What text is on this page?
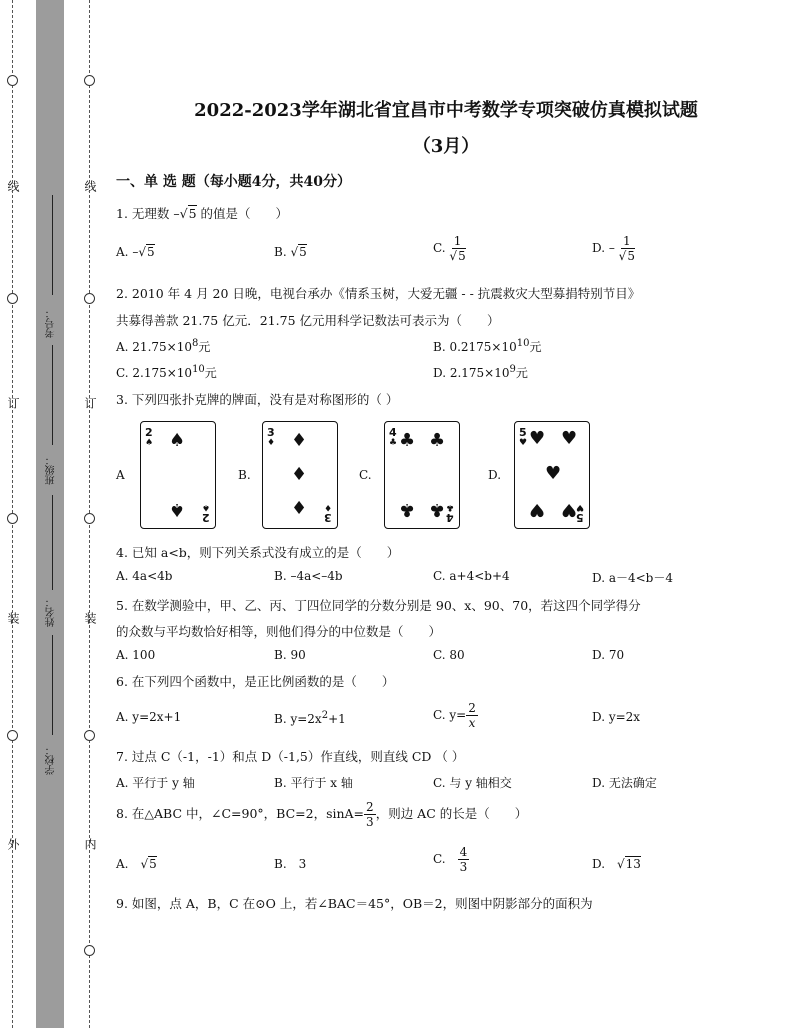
线
订
装
外
线
订
装
内
考号：
班级：
姓名：
学校：
2022-2023学年湖北省宜昌市中考数学专项突破仿真模拟试题
（3月）
一、单 选 题（每小题4分，共40分）
1. 无理数 –√5 的值是（　　）
A. –√5	B. √5	C. $\frac{1}{√5}$	D. – $\frac{1}{√5}$
2. 2010 年 4 月 20 日晚，电视台承办《情系玉树，大爱无疆 - - 抗震救灾大型募捐特别节目》
共募得善款 21.75 亿元．21.75 亿元用科学记数法可表示为（　　）
A. $21.75\times 10^8$元	B. $0.2175\times 10^{10}$元
C. $2.175\times 10^{10}$元	D. $2.175\times 10^9$元
3. 下列四张扑克牌的牌面，没有是对称图形的（ ）
A	B.	C.	D.
2
♠ ♠
♠ ♠
2
3
♦ ♦
♦
♦ ♦
3
4
♣ ♣ ♣
♣ ♣ ♣
4
5
♥ ♥ ♥
♥
♥ ♥
♥
5
4. 已知 a<b，则下列关系式没有成立的是（　　）
A. 4a<4b	B. –4a<–4b	C. a+4<b+4	D. a－4<b－4
5. 在数学测验中，甲、乙、丙、丁四位同学的分数分别是 90、x、90、70，若这四个同学得分
的众数与平均数恰好相等，则他们得分的中位数是（　　）
A. 100	B. 90	C. 80	D. 70
6. 在下列四个函数中，是正比例函数的是（　　）
A. y=2x+1	B. $y=2x^2+1$	C. $y= \frac{2}{x}$	D. y=2x
7. 过点 C（-1，-1）和点 D（-1,5）作直线，则直线 CD （ ）
A. 平行于 y 轴	B. 平行于 x 轴	C. 与 y 轴相交	D. 无法确定
8. 在△ABC 中，∠C=90°，BC=2，$\sin A= \frac{2}{3}$ ，则边 AC 的长是（　　）
A.　√5	B.　3	C.　 $\frac{4}{3}$	D.　√13
9. 如图，点 A，B，C 在⊙O 上，若∠BAC＝45°，OB＝2，则图中阴影部分的面积为
